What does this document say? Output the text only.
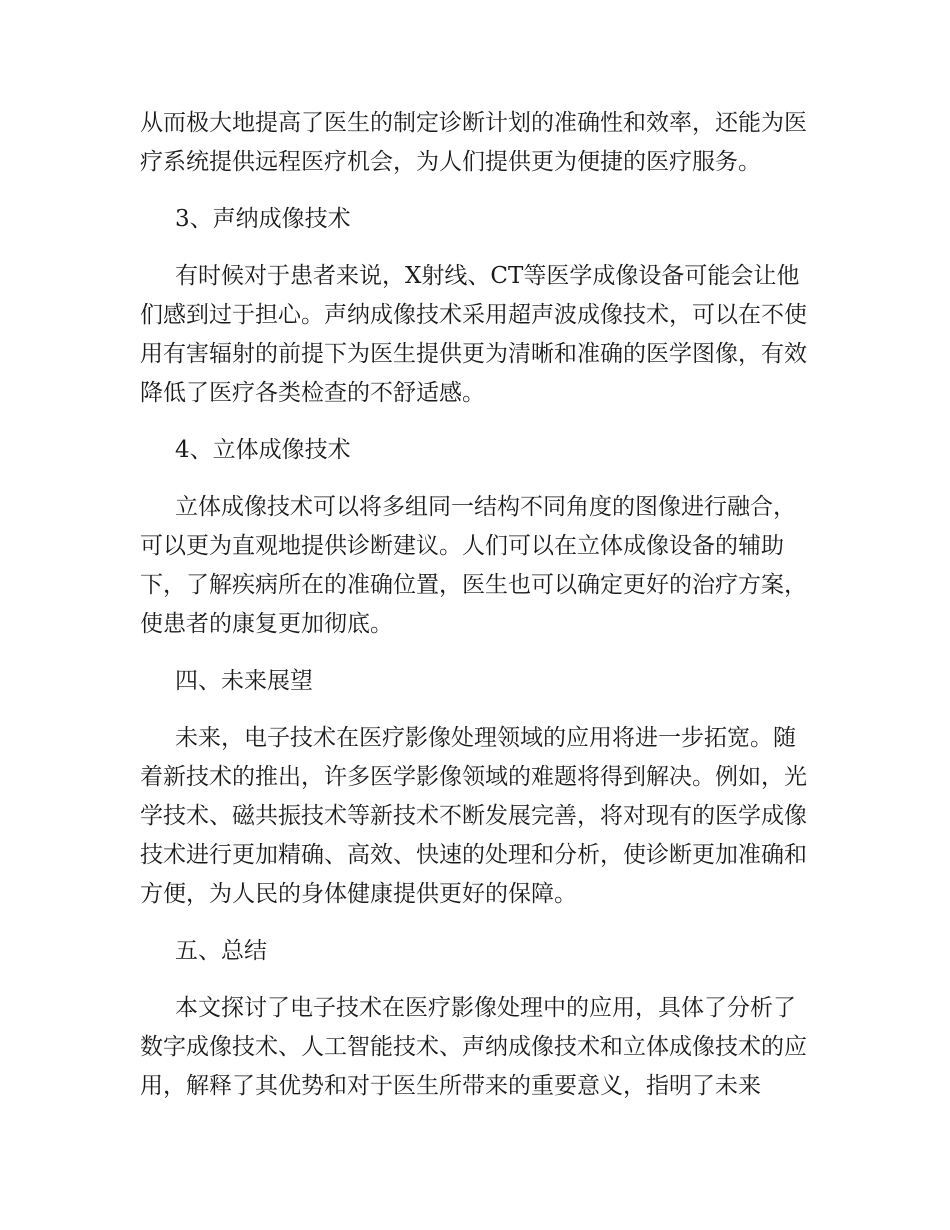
从而极大地提高了医生的制定诊断计划的准确性和效率，还能为医疗系统提供远程医疗机会，为人们提供更为便捷的医疗服务。

3、声纳成像技术

有时候对于患者来说，X射线、CT等医学成像设备可能会让他们感到过于担心。声纳成像技术采用超声波成像技术，可以在不使用有害辐射的前提下为医生提供更为清晰和准确的医学图像，有效降低了医疗各类检查的不舒适感。

4、立体成像技术

立体成像技术可以将多组同一结构不同角度的图像进行融合，可以更为直观地提供诊断建议。人们可以在立体成像设备的辅助下，了解疾病所在的准确位置，医生也可以确定更好的治疗方案，使患者的康复更加彻底。

四、未来展望

未来，电子技术在医疗影像处理领域的应用将进一步拓宽。随着新技术的推出，许多医学影像领域的难题将得到解决。例如，光学技术、磁共振技术等新技术不断发展完善，将对现有的医学成像技术进行更加精确、高效、快速的处理和分析，使诊断更加准确和方便，为人民的身体健康提供更好的保障。

五、总结

本文探讨了电子技术在医疗影像处理中的应用，具体了分析了数字成像技术、人工智能技术、声纳成像技术和立体成像技术的应用，解释了其优势和对于医生所带来的重要意义，指明了未来
